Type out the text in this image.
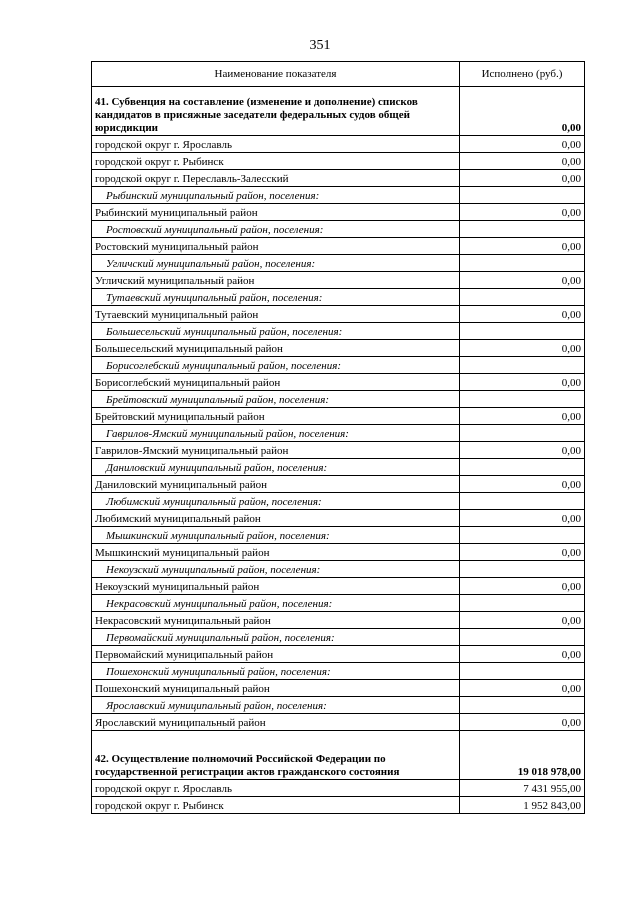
351
Наименование показателя	Исполнено (руб.)
41. Субвенция на составление (изменение и дополнение) списков кандидатов в присяжные заседатели федеральных судов общей юрисдикции	0,00
городской округ г. Ярославль	0,00
городской округ г. Рыбинск	0,00
городской округ г. Переславль-Залесский	0,00
Рыбинский муниципальный район, поселения:	
Рыбинский муниципальный район	0,00
Ростовский муниципальный район, поселения:	
Ростовский муниципальный район	0,00
Угличский муниципальный район, поселения:	
Угличский муниципальный район	0,00
Тутаевский муниципальный район, поселения:	
Тутаевский муниципальный район	0,00
Большесельский муниципальный район, поселения:	
Большесельский муниципальный район	0,00
Борисоглебский муниципальный район, поселения:	
Борисоглебский муниципальный район	0,00
Брейтовский муниципальный район, поселения:	
Брейтовский муниципальный район	0,00
Гаврилов-Ямский муниципальный район, поселения:	
Гаврилов-Ямский муниципальный район	0,00
Даниловский муниципальный район, поселения:	
Даниловский муниципальный район	0,00
Любимский муниципальный район, поселения:	
Любимский муниципальный район	0,00
Мышкинский муниципальный район, поселения:	
Мышкинский муниципальный район	0,00
Некоузский муниципальный район, поселения:	
Некоузский муниципальный район	0,00
Некрасовский муниципальный район, поселения:	
Некрасовский муниципальный район	0,00
Первомайский муниципальный район, поселения:	
Первомайский муниципальный район	0,00
Пошехонский муниципальный район, поселения:	
Пошехонский муниципальный район	0,00
Ярославский муниципальный район, поселения:	
Ярославский муниципальный район	0,00
42. Осуществление полномочий Российской Федерации по государственной регистрации актов гражданского состояния	19 018 978,00
городской округ г. Ярославль	7 431 955,00
городской округ г. Рыбинск	1 952 843,00
